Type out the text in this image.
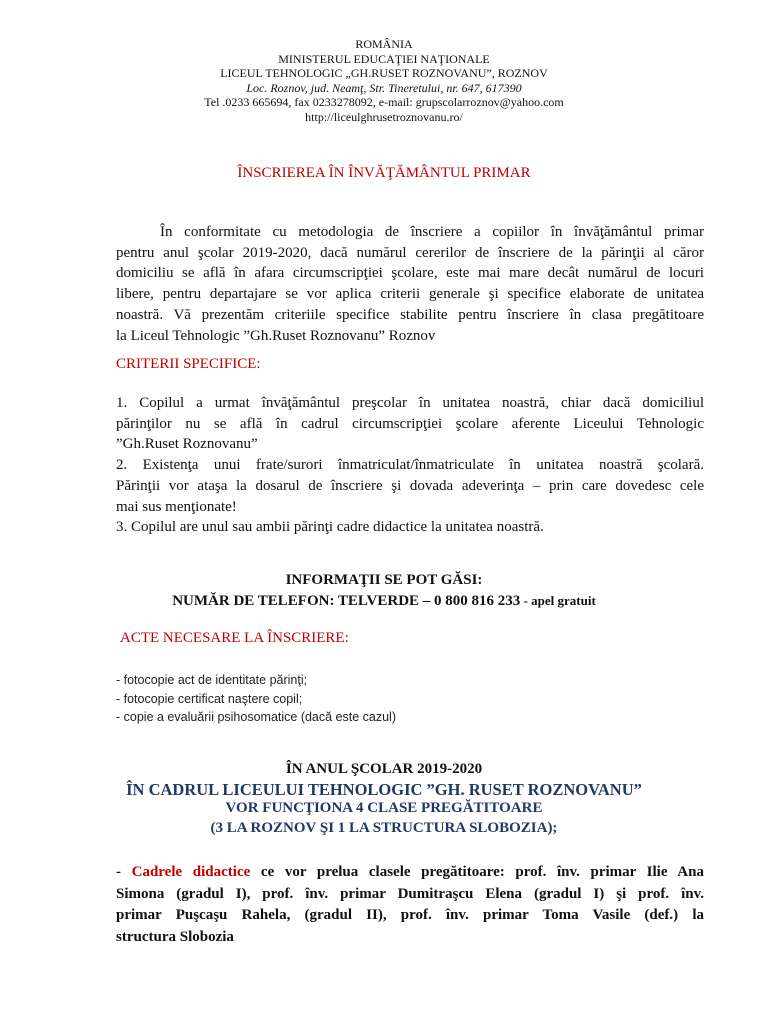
ROMÂNIA
MINISTERUL EDUCAŢIEI NAŢIONALE
LICEUL TEHNOLOGIC „GH.RUSET ROZNOVANU”, ROZNOV
Loc. Roznov, jud. Neamţ, Str. Tineretului, nr. 647, 617390
Tel .0233 665694, fax 0233278092, e-mail: grupscolarroznov@yahoo.com
http://liceulghrusetroznovanu.ro/
ÎNSCRIEREA ÎN ÎNVĂŢĂMÂNTUL PRIMAR
În conformitate cu metodologia de înscriere a copiilor în învăţământul primar
pentru anul şcolar 2019-2020, dacă numărul cererilor de înscriere de la părinţii al căror
domiciliu se află în afara circumscripţiei şcolare, este mai mare decât numărul de locuri
libere, pentru departajare se vor aplica criterii generale şi specifice elaborate de unitatea
noastră. Vă prezentăm criteriile specifice stabilite pentru înscriere în clasa pregătitoare
la Liceul Tehnologic ”Gh.Ruset Roznovanu” Roznov
CRITERII SPECIFICE:
1. Copilul a urmat învăţământul preşcolar în unitatea noastră, chiar dacă domiciliul
părinţilor nu se află în cadrul circumscripţiei şcolare aferente Liceului Tehnologic
”Gh.Ruset Roznovanu”
2. Existenţa unui frate/surori înmatriculat/înmatriculate în unitatea noastră şcolară.
Părinţii vor ataşa la dosarul de înscriere şi dovada adeverinţa – prin care dovedesc cele
mai sus menţionate!
3. Copilul are unul sau ambii părinţi cadre didactice la unitatea noastră.
INFORMAŢII SE POT GĂSI:
NUMĂR DE TELEFON: TELVERDE – 0 800 816 233 - apel gratuit
ACTE NECESARE LA ÎNSCRIERE:
- fotocopie act de identitate părinţi;
- fotocopie certificat naştere copil;
- copie a evaluării psihosomatice (dacă este cazul)
ÎN ANUL ŞCOLAR 2019-2020
ÎN CADRUL LICEULUI TEHNOLOGIC ”GH. RUSET ROZNOVANU”
VOR FUNCŢIONA 4 CLASE PREGĂTITOARE
(3 LA ROZNOV ŞI 1 LA STRUCTURA SLOBOZIA);
- Cadrele didactice ce vor prelua clasele pregătitoare: prof. înv. primar Ilie Ana
Simona (gradul I), prof. înv. primar Dumitraşcu Elena (gradul I) şi prof. înv.
primar Puşcaşu Rahela, (gradul II), prof. înv. primar Toma Vasile (def.) la
structura Slobozia
